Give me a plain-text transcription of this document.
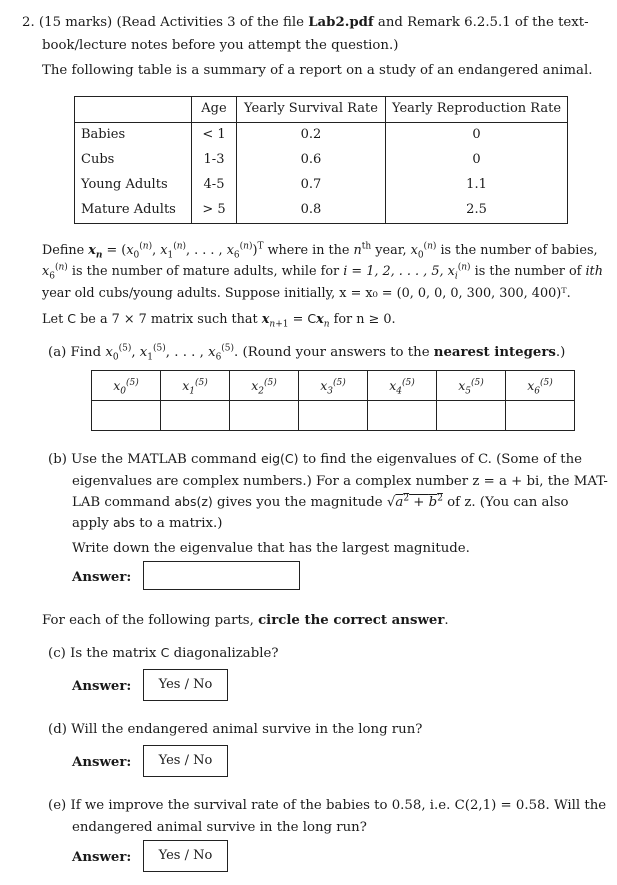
2. (15 marks) (Read Activities 3 of the file Lab2.pdf and Remark 6.2.5.1 of the text-

book/lecture notes before you attempt the question.)

The following table is a summary of a report on a study of an endangered animal.

	Age	Yearly Survival Rate	Yearly Reproduction Rate
Babies	< 1	0.2	0
Cubs	1-3	0.6	0
Young Adults	4-5	0.7	1.1
Mature Adults	> 5	0.8	2.5

Define $x_n = (x_0^{(n)}$, $x_1^{(n)}$, . . . , $x_6^{(n)})^T$ where in the $n^{th}$ year, $x_0^{(n)}$ is the number of babies,

$x_6^{(n)}$ is the number of mature adults, while for i = 1, 2, . . . , 5, $x_i^{(n)}$ is the number of ith

year old cubs/young adults. Suppose initially, x = x₀ = (0, 0, 0, 0, 300, 300, 400)ᵀ.

Let C be a 7 × 7 matrix such that $x_{n+1} = Cx_n$ for n ≥ 0.

(a) Find $x_0^{(5)}$, $x_1^{(5)}$, . . . , $x_6^{(5)}$. (Round your answers to the nearest integers.)

$x_0^{(5)}$	$x_1^{(5)}$	$x_2^{(5)}$	$x_3^{(5)}$	$x_4^{(5)}$	$x_5^{(5)}$	$x_6^{(5)}$

(b) Use the MATLAB command eig(C) to find the eigenvalues of C. (Some of the

eigenvalues are complex numbers.) For a complex number z = a + bi, the MAT-

LAB command abs(z) gives you the magnitude $√a^2 + b^2$ of z. (You can also

apply abs to a matrix.)

Write down the eigenvalue that has the largest magnitude.

Answer:

For each of the following parts, circle the correct answer.

(c) Is the matrix C diagonalizable?

Answer:	Yes / No

(d) Will the endangered animal survive in the long run?

Answer:	Yes / No

(e) If we improve the survival rate of the babies to 0.58, i.e. C(2,1) = 0.58. Will the

endangered animal survive in the long run?

Answer:	Yes / No
